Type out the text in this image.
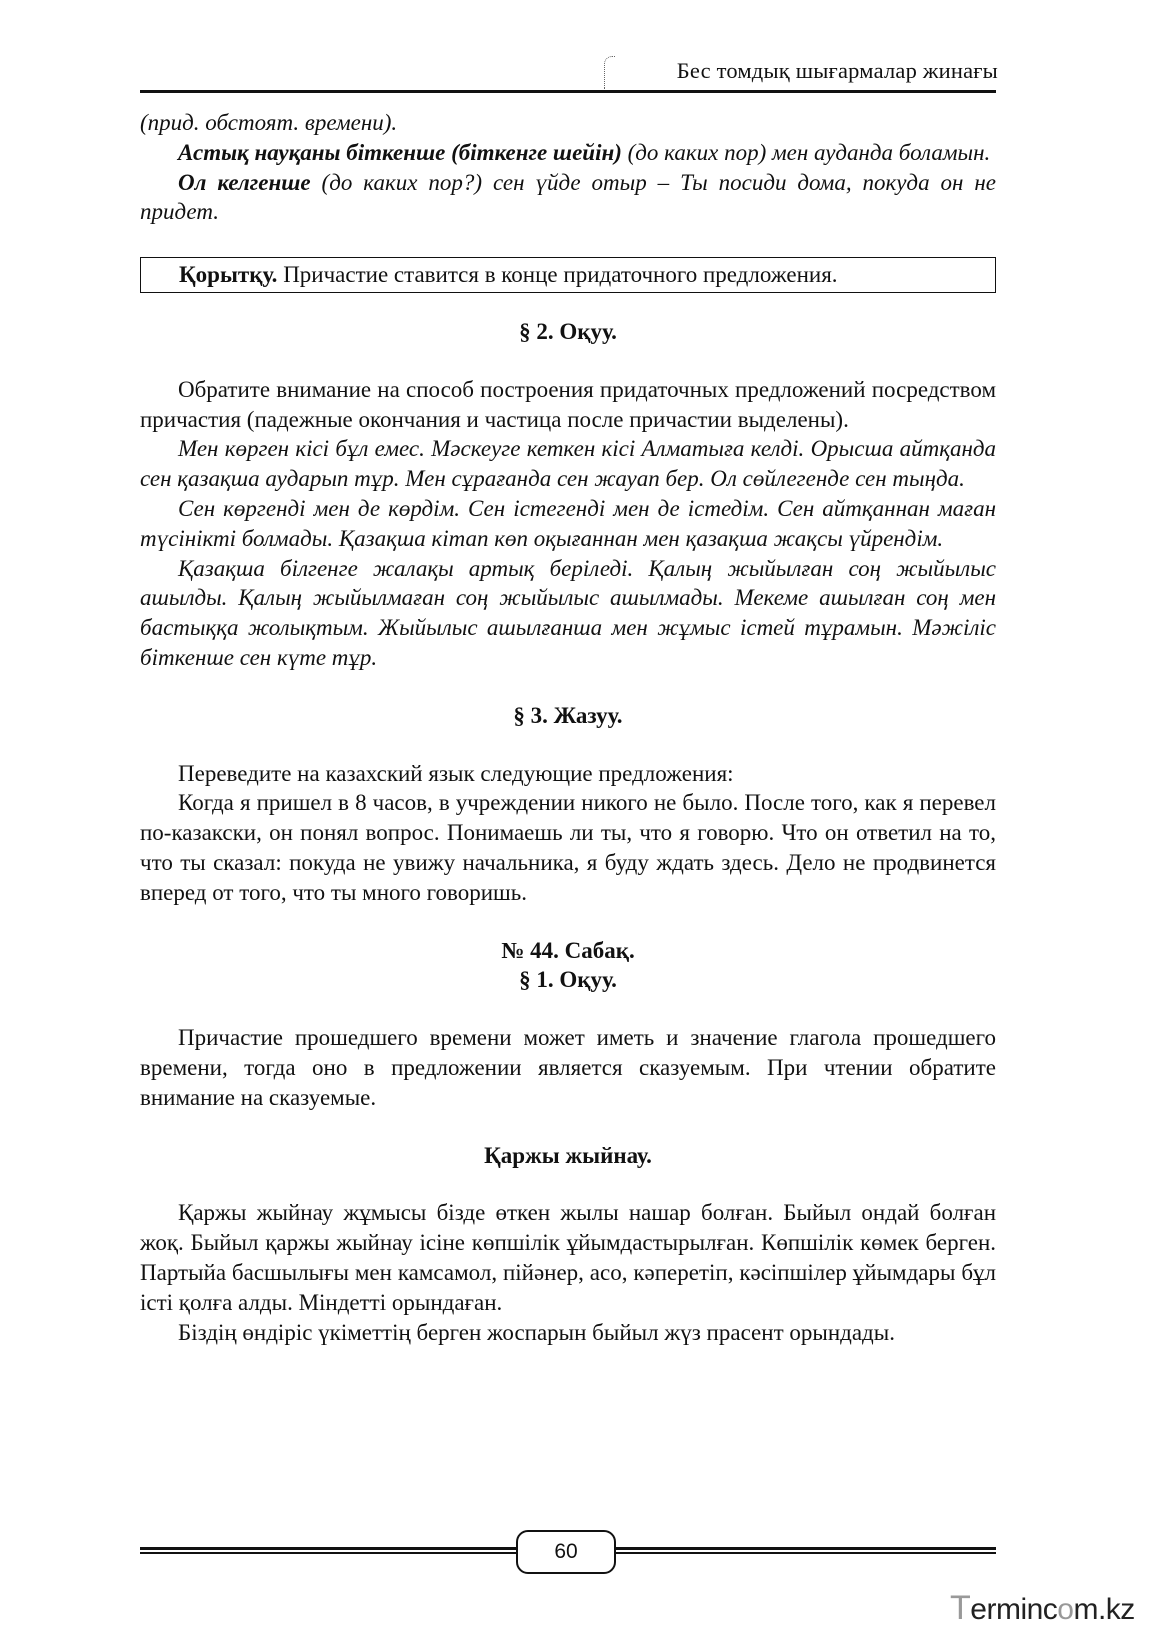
Бес томдық шығармалар жинағы

(прид. обстоят. времени).

Астық науқаны біткенше (біткенге шейін) (до каких пор) мен ауданда боламын.

Ол келгенше (до каких пор?) сен үйде отыр – Ты посиди дома, покуда он не придет.

Қорытқу. Причастие ставится в конце придаточного предложения.

§ 2. Оқуу.

Обратите внимание на способ построения придаточных предложений посредством причастия (падежные окончания и частица после причастии выделены).

Мен көрген кісі бұл емес. Мәскеуге кеткен кісі Алматыға келді. Орысша айтқанда сен қазақша аударып тұр. Мен сұрағанда сен жауап бер. Ол сөйлегенде сен тыңда.

Сен көргенді мен де көрдім. Сен істегенді мен де істедім. Сен айтқаннан маған түсінікті болмады. Қазақша кітап көп оқығаннан мен қазақша жақсы үйрендім.

Қазақша білгенге жалақы артық беріледі. Қалың жыйылған соң жыйылыс ашылды. Қалың жыйылмаған соң жыйылыс ашылмады. Мекеме ашылған соң мен бастыққа жолықтым. Жыйылыс ашылғанша мен жұмыс істей тұрамын. Мәжіліс біткенше сен күте тұр.

§ 3. Жазуу.

Переведите на казахский язык следующие предложения:

Когда я пришел в 8 часов, в учреждении никого не было. После того, как я перевел по-казакски, он понял вопрос. Понимаешь ли ты, что я говорю. Что он ответил на то, что ты сказал: покуда не увижу начальника, я буду ждать здесь. Дело не продвинется вперед от того, что ты много говоришь.

№ 44. Сабақ.

§ 1. Оқуу.

Причастие прошедшего времени может иметь и значение глагола прошедшего времени, тогда оно в предложении является сказуемым. При чтении обратите внимание на сказуемые.

Қаржы жыйнау.

Қаржы жыйнау жұмысы бізде өткен жылы нашар болған. Быйыл ондай болған жоқ. Быйыл қаржы жыйнау ісіне көпшілік ұйымдастырылған. Көпшілік көмек берген. Партыйа басшылығы мен камсамол, пійәнер, асо, кәперетіп, кәсіпшілер ұйымдары бұл істі қолға алды. Міндетті орындаған.

Біздің өндіріс үкіметтің берген жоспарын быйыл жүз прасент орындады.

60
Termincоm.kz
